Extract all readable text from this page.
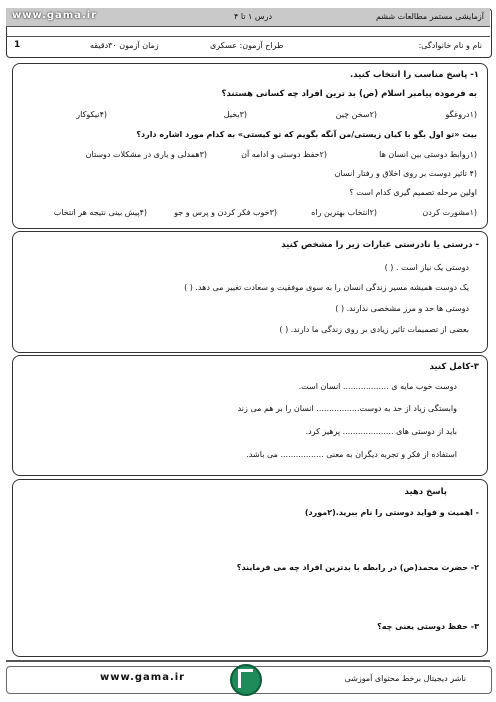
www.gama.ir	آزمایشی مستمر مطالعات ششم
درس ۱ تا ۴
نام و نام خانوادگی:
طراح آزمون: عسکری
زمان آزمون ۳۰دقیقه
1
۱- پاسخ مناسب را انتخاب کنید.
به فرموده پیامبر اسلام (ص) بد ترین افراد چه کسانی هستند؟
(۱دروغگو
(۲سخن چین
(۳بخیل
(۴نیکوکار
بیت «تو اول بگو با کیان زیستی/من آنگه بگویم که تو کیستی» به کدام مورد اشاره دارد؟
(۱روابط دوستی بین انسان ها
(۲حفظ دوستی و ادامه آن
(۳همدلی و یاری در مشکلات دوستان
(۴ تاثیر دوست بر روی اخلاق و رفتار انسان
اولین مرحله تصمیم گیری کدام است ؟
(۱مشورت کردن
(۲انتخاب بهترین راه
(۳خوب فکر کردن و پرس و جو
(۴پیش بینی نتیجه هر انتخاب
- درستی یا نادرستی عبارات زیر را مشخص کنید
دوستی یک نیاز است . ( )
یک دوست همیشه مسیر زندگی انسان را به سوی موفقیت و سعادت تغییر می دهد. ( )
دوستی ها حد و مرز مشخصی ندارند. ( )
بعضی از تصمیمات تاثیر زیادی بر روی زندگی ما دارند. ( )
۳-کامل کنید
دوست خوب مایه ی .................. انسان است.
وابستگی زیاد از حد به دوست................. انسان را بر هم می زند
باید از دوستی های .................... پرهیز کرد.
استفاده از فکر و تجربه دیگران به معنی ................. می باشد.
پاسخ دهید
- اهمیت و فواید دوستی را نام ببرید.(۲مورد)
۲- حضرت محمد(ص) در رابطه با بدترین افراد چه می فرمایند؟
۳- حفظ دوستی یعنی چه؟
www.gama.ir	ناشر دیجیتال برخط محتوای آموزشی
